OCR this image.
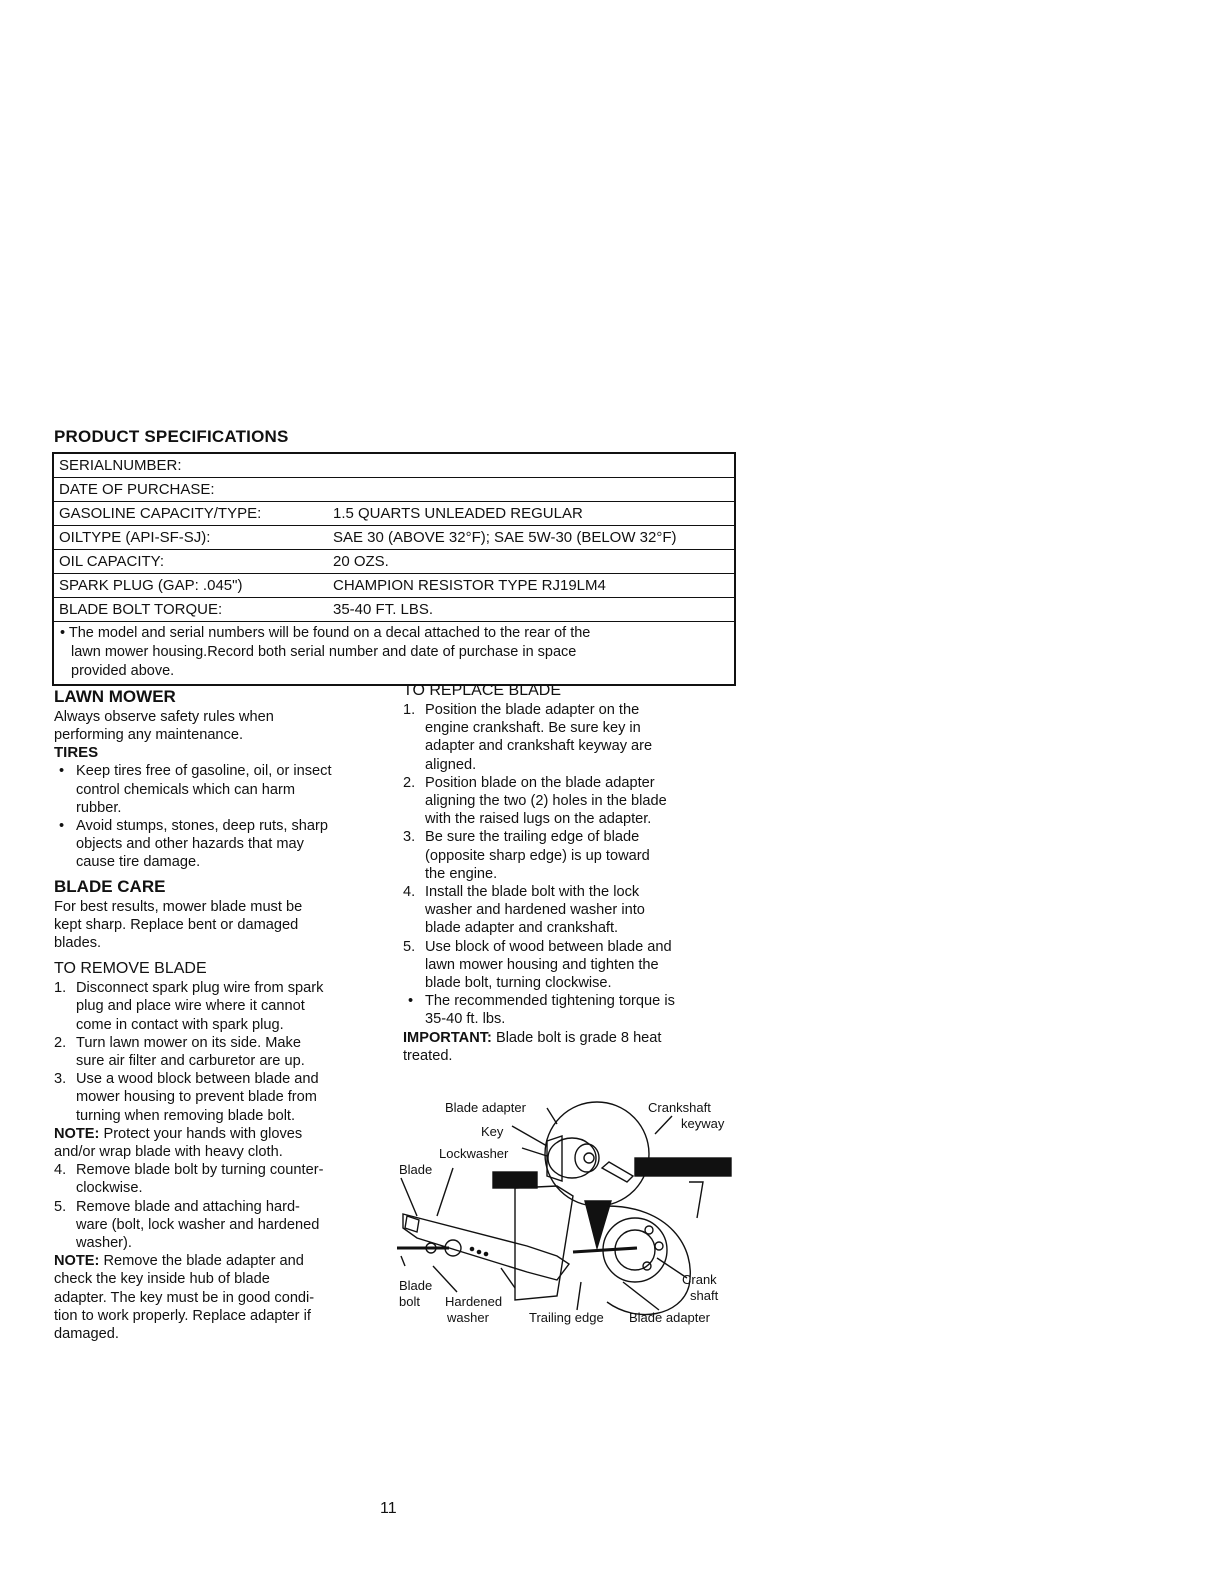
PRODUCT SPECIFICATIONS
SERIALNUMBER:
DATE OF PURCHASE:
GASOLINE CAPACITY/TYPE:	1.5 QUARTS UNLEADED REGULAR
OILTYPE (API-SF-SJ):	SAE 30 (ABOVE 32°F); SAE 5W-30 (BELOW 32°F)
OIL CAPACITY:	20 OZS.
SPARK PLUG (GAP: .045")	CHAMPION RESISTOR TYPE RJ19LM4
BLADE BOLT TORQUE:	35-40 FT. LBS.
• The model and serial numbers will be found on a decal attached to the rear of the
lawn mower housing.Record both serial number and date of purchase in space
provided above.
LAWN MOWER
Always observe safety rules when
performing any maintenance.
TIRES
• Keep tires free of gasoline, oil, or insect
control chemicals which can harm
rubber.
• Avoid stumps, stones, deep ruts, sharp
objects and other hazards that may
cause tire damage.
BLADE CARE
For best results, mower blade must be
kept sharp. Replace bent or damaged
blades.
TO REMOVE BLADE
1. Disconnect spark plug wire from spark
plug and place wire where it cannot
come in contact with spark plug.
2. Turn lawn mower on its side. Make
sure air filter and carburetor are up.
3. Use a wood block between blade and
mower housing to prevent blade from
turning when removing blade bolt.
NOTE: Protect your hands with gloves
and/or wrap blade with heavy cloth.
4. Remove blade bolt by turning counter-
clockwise.
5. Remove blade and attaching hard-
ware (bolt, lock washer and hardened
washer).
NOTE: Remove the blade adapter and
check the key inside hub of blade
adapter. The key must be in good condi-
tion to work properly. Replace adapter if
damaged.
TO REPLACE BLADE
1. Position the blade adapter on the
engine crankshaft. Be sure key in
adapter and crankshaft keyway are
aligned.
2. Position blade on the blade adapter
aligning the two (2) holes in the blade
with the raised lugs on the adapter.
3. Be sure the trailing edge of blade
(opposite sharp edge) is up toward
the engine.
4. Install the blade bolt with the lock
washer and hardened washer into
blade adapter and crankshaft.
5. Use block of wood between blade and
lawn mower housing and tighten the
blade bolt, turning clockwise.
• The recommended tightening torque is
35-40 ft. lbs.
IMPORTANT: Blade bolt is grade 8 heat
treated.
Blade adapter	Crankshaft
keyway
Key
Lockwasher
Blade
Blade
bolt Hardened
washer	Trailing edge Blade adapter
Crank
shaft
11
